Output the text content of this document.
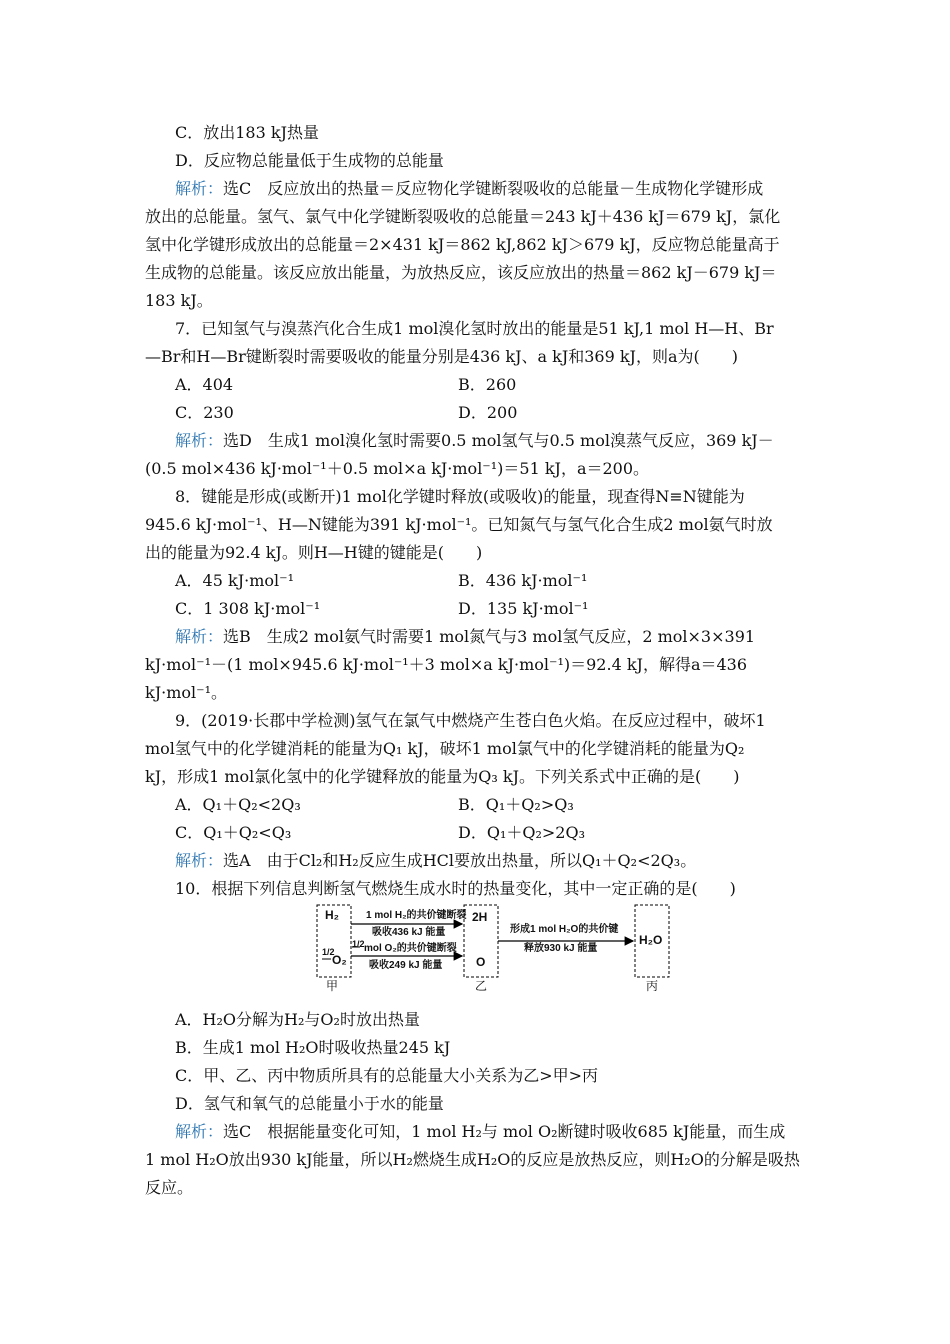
C．放出183 kJ热量
D．反应物总能量低于生成物的总能量
解析：选C　反应放出的热量＝反应物化学键断裂吸收的总能量－生成物化学键形成
放出的总能量。氢气、氯气中化学键断裂吸收的总能量＝243 kJ＋436 kJ＝679 kJ，氯化
氢中化学键形成放出的总能量＝2×431 kJ＝862 kJ,862 kJ＞679 kJ，反应物总能量高于
生成物的总能量。该反应放出能量，为放热反应，该反应放出的热量＝862 kJ－679 kJ＝
183 kJ。
7．已知氢气与溴蒸汽化合生成1 mol溴化氢时放出的能量是51 kJ,1 mol H—H、Br
—Br和H—Br键断裂时需要吸收的能量分别是436 kJ、a kJ和369 kJ，则a为(　　)
A．404	B．260
C．230	D．200
解析：选D　生成1 mol溴化氢时需要0.5 mol氢气与0.5 mol溴蒸气反应，369 kJ－
(0.5 mol×436 kJ·mol⁻¹＋0.5 mol×a kJ·mol⁻¹)＝51 kJ，a＝200。
8．键能是形成(或断开)1 mol化学键时释放(或吸收)的能量，现查得N≡N键能为
945.6 kJ·mol⁻¹、H—N键能为391 kJ·mol⁻¹。已知氮气与氢气化合生成2 mol氨气时放
出的能量为92.4 kJ。则H—H键的键能是(　　)
A．45 kJ·mol⁻¹	B．436 kJ·mol⁻¹
C．1 308 kJ·mol⁻¹	D．135 kJ·mol⁻¹
解析：选B　生成2 mol氨气时需要1 mol氮气与3 mol氢气反应，2 mol×3×391
kJ·mol⁻¹－(1 mol×945.6 kJ·mol⁻¹＋3 mol×a kJ·mol⁻¹)＝92.4 kJ，解得a＝436
kJ·mol⁻¹。
9．(2019·长郡中学检测)氢气在氯气中燃烧产生苍白色火焰。在反应过程中，破坏1
mol氢气中的化学键消耗的能量为Q₁ kJ，破坏1 mol氯气中的化学键消耗的能量为Q₂
kJ，形成1 mol氯化氢中的化学键释放的能量为Q₃ kJ。下列关系式中正确的是(　　)
A．Q₁＋Q₂<2Q₃	B．Q₁＋Q₂>Q₃
C．Q₁＋Q₂<Q₃	D．Q₁＋Q₂>2Q₃
解析：选A　由于Cl₂和H₂反应生成HCl要放出热量，所以Q₁＋Q₂<2Q₃。
10．根据下列信息判断氢气燃烧生成水时的热量变化，其中一定正确的是(　　)
H₂
1/2
O₂
1 mol H₂的共价键断裂
吸收436 kJ 能量
1/2 mol O₂的共价键断裂
吸收249 kJ 能量
2H
O
形成1 mol H₂O的共价键
释放930 kJ 能量
H₂O
甲	乙	丙
A．H₂O分解为H₂与O₂时放出热量
B．生成1 mol H₂O时吸收热量245 kJ
C．甲、乙、丙中物质所具有的总能量大小关系为乙>甲>丙
D．氢气和氧气的总能量小于水的能量
解析：选C　根据能量变化可知，1 mol H₂与 mol O₂断键时吸收685 kJ能量，而生成
1 mol H₂O放出930 kJ能量，所以H₂燃烧生成H₂O的反应是放热反应，则H₂O的分解是吸热
反应。
